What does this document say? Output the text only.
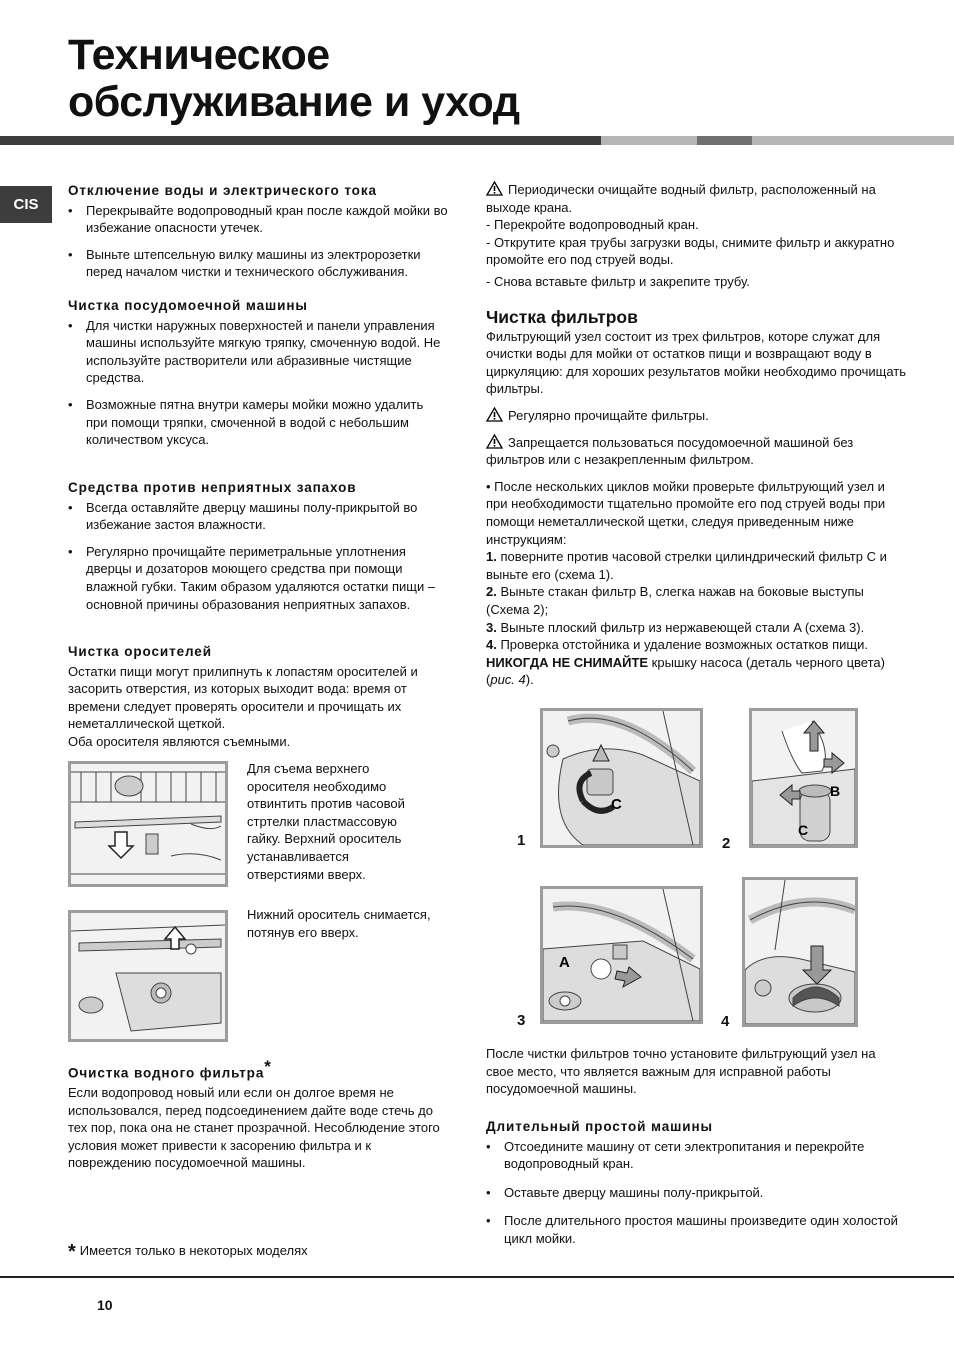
Техническое
обслуживание и уход
CIS

Отключение воды и электрического тока

• Перекрывайте водопроводный кран после каждой мойки во избежание опасности утечек.

• Выньте штепсельную вилку машины из электророзетки перед началом чистки и технического обслуживания.

Чистка посудомоечной машины

• Для чистки наружных поверхностей и панели управления машины используйте мягкую тряпку, смоченную водой. Не используйте растворители или абразивные чистящие средства.

• Возможные пятна внутри камеры мойки можно удалить при помощи тряпки, смоченной в водой с небольшим количеством уксуса.

Средства против неприятных запахов

• Всегда оставляйте дверцу машины полу-прикрытой во избежание застоя влажности.

• Регулярно прочищайте периметральные уплотнения дверцы и дозаторов моющего средства при помощи влажной губки. Таким образом удаляются остатки пищи – основной причины образования неприятных запахов.

Чистка оросителей

Остатки пищи могут прилипнуть к лопастям оросителей и засорить отверстия, из которых выходит вода: время от времени следует проверять оросители и прочищать их неметаллической щеткой.

Оба оросителя являются съемными.

Для съема верхнего оросителя необходимо отвинтить против часовой стртелки пластмассовую гайку. Верхний ороситель устанавливается отверстиями вверх.

Нижний ороситель снимается, потянув его вверх.

Очистка водного фильтра*

Если водопровод новый или если он долгое время не использовался, перед подсоединением дайте воде стечь до тех пор, пока она не станет прозрачной. Несоблюдение этого условия может привести к засорению фильтра и к повреждению посудомоечной машины.

* Имеется только в некоторых моделях

Периодически очищайте водный фильтр, расположенный на выходе крана.

- Перекройте водопроводный кран.

- Открутите края трубы загрузки воды, снимите фильтр и аккуратно промойте его под струей воды.

- Снова вставьте фильтр и закрепите трубу.

Чистка фильтров

Фильтрующий узел состоит из трех фильтров, которе служат для очистки воды для мойки от остатков пищи и возвращают воду в циркуляцию: для хороших результатов мойки необходимо прочищать фильтры.

Регулярно прочищайте фильтры.

Запрещается пользоваться посудомоечной машиной без фильтров или с незакрепленным фильтром.

• После нескольких циклов мойки проверьте фильтрующий узел и при необходимости тщательно промойте его под струей воды при помощи неметаллической щетки, следуя приведенным ниже инструкциям:

1. поверните против часовой стрелки цилиндрический фильтр C и выньте его (схема 1).

2. Выньте стакан фильтр B, слегка нажав на боковые выступы (Схема 2);

3. Выньте плоский фильтр из нержавеющей стали A (схема 3).

4. Проверка отстойника и удаление возможных остатков пищи.

НИКОГДА НЕ СНИМАЙТЕ крышку насоса (деталь черного цвета) (рис. 4).

C
1
B
C
2
A
3	4

После чистки фильтров точно установите фильтрующий узел на свое место, что является важным для исправной работы посудомоечной машины.

Длительный простой машины

• Отсоедините машину от сети электропитания и перекройте водопроводный кран.

• Оставьте дверцу машины полу-прикрытой.

• После длительного простоя машины произведите один холостой цикл мойки.

10
